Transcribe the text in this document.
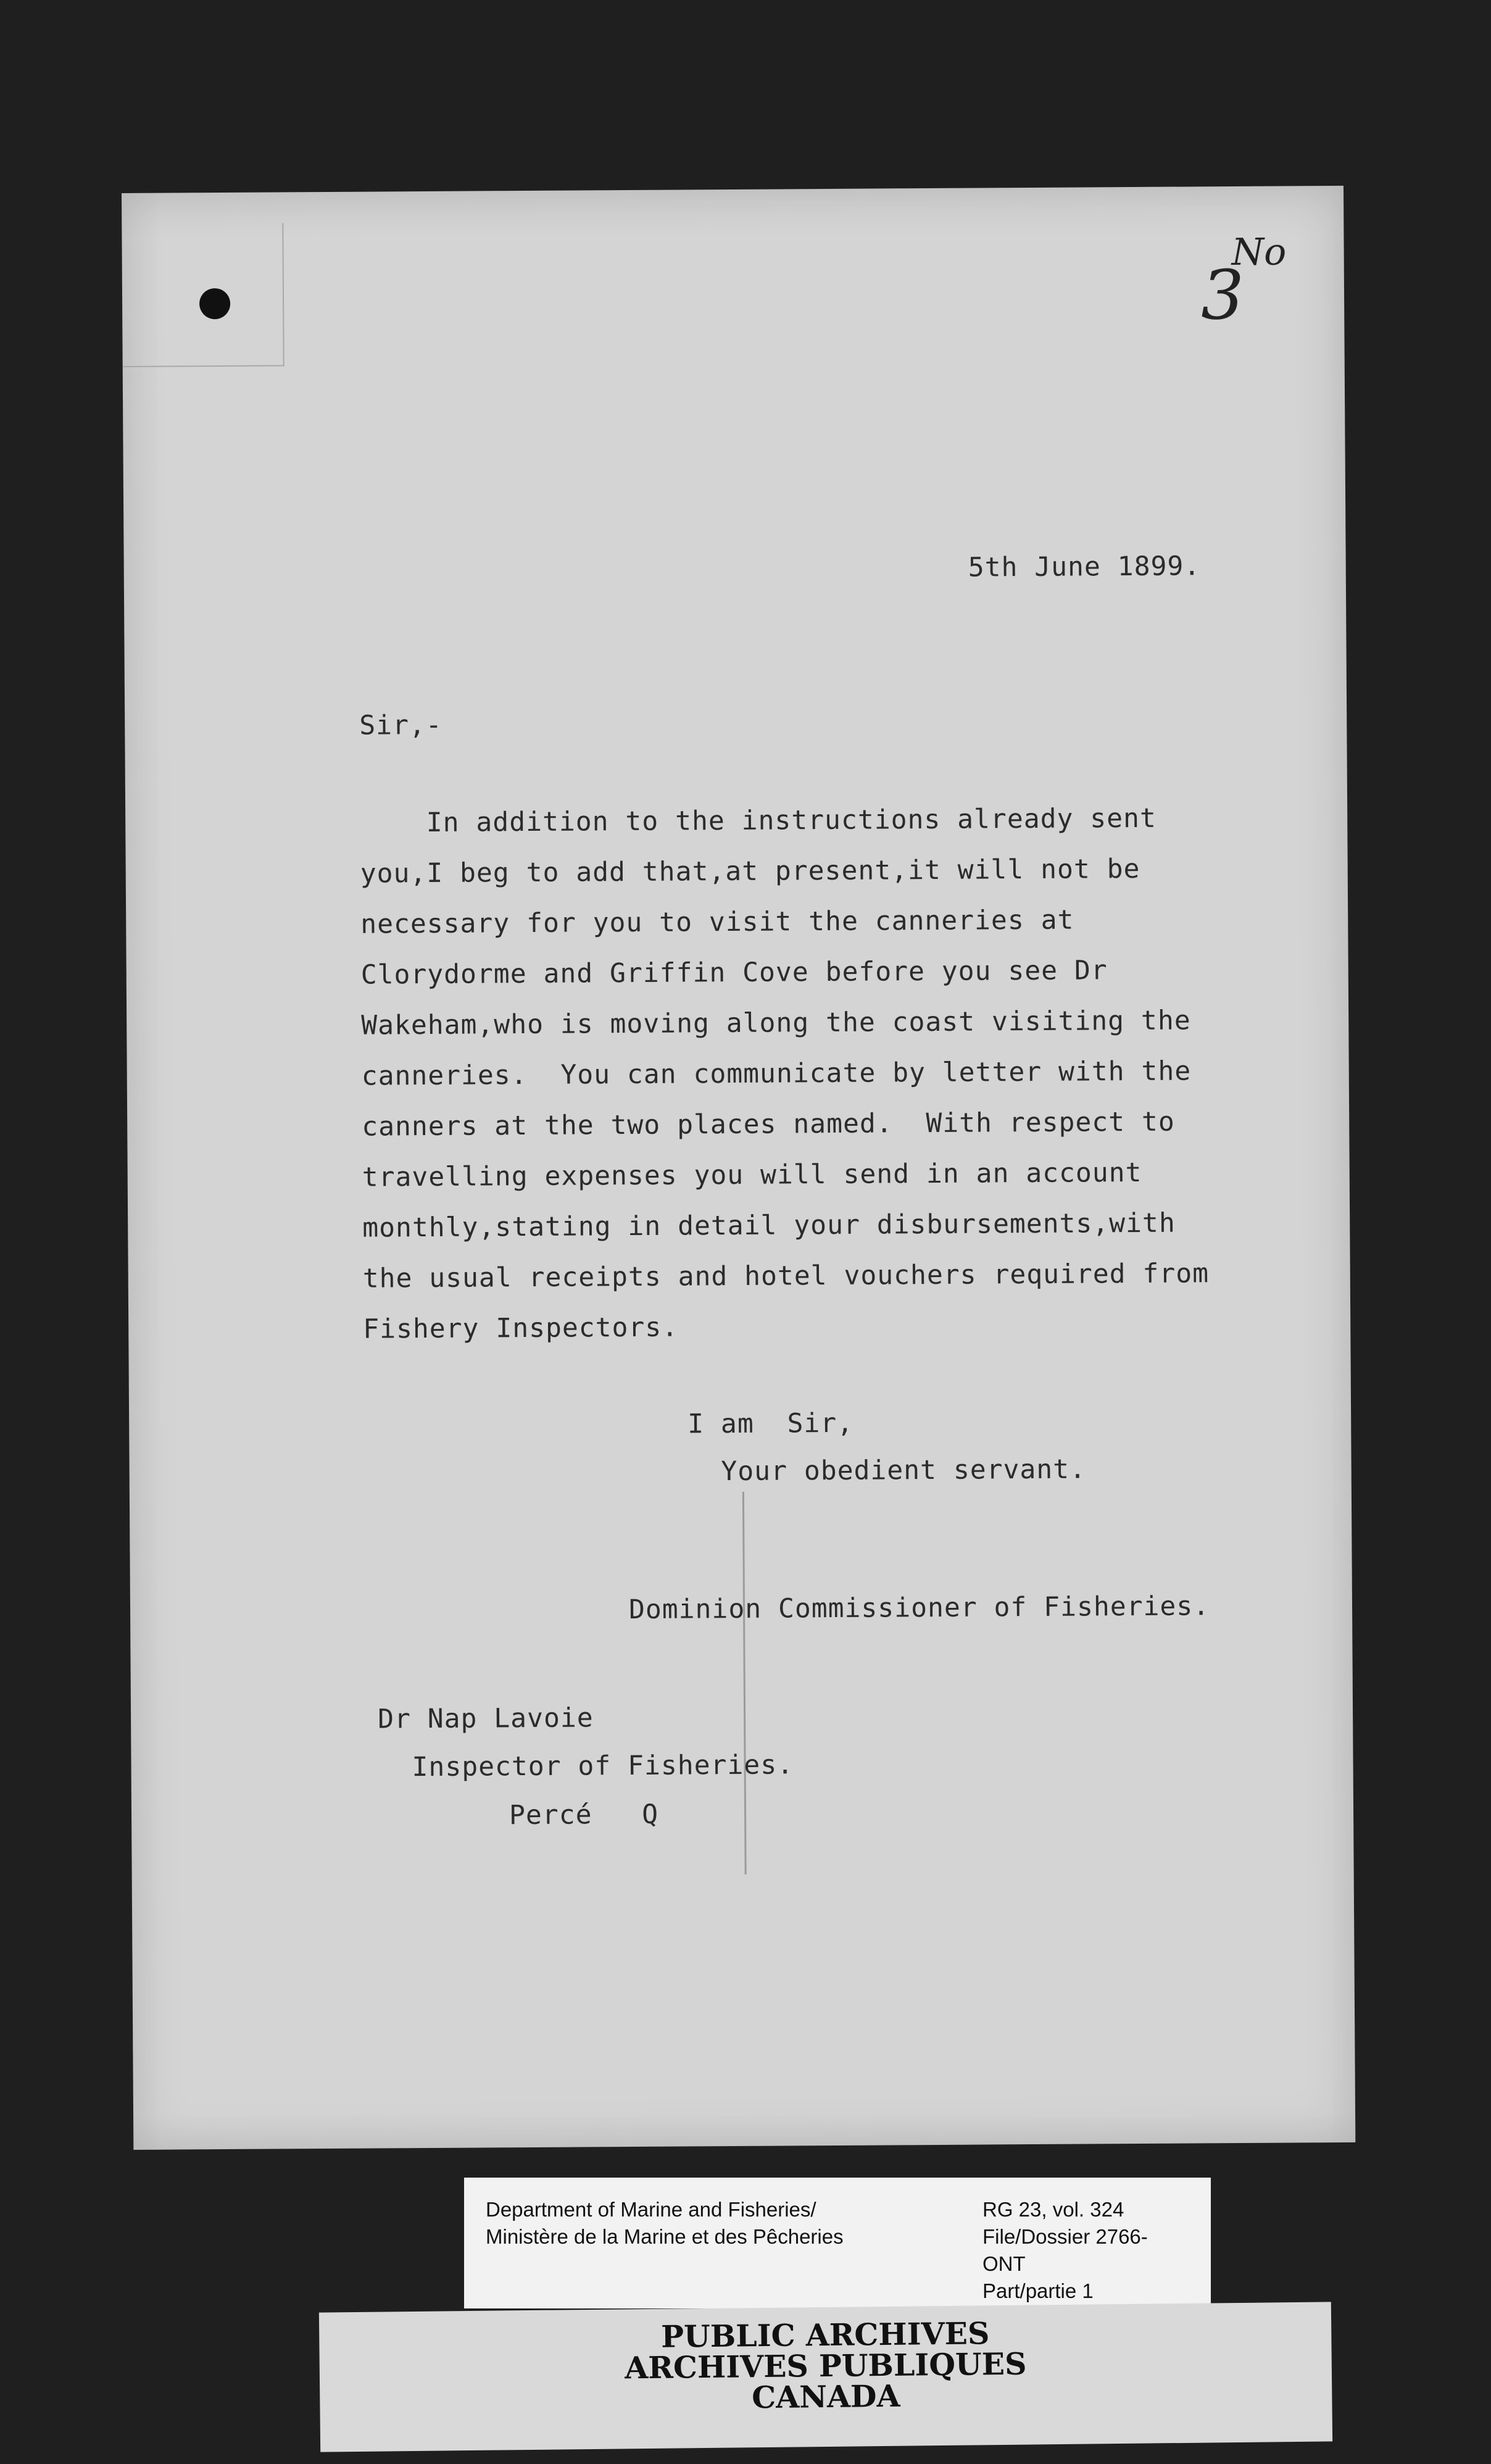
No
3
5th June 1899.
Sir,-
In addition to the instructions already sent
you,I beg to add that,at present,it will not be
necessary for you to visit the canneries at
Clorydorme and Griffin Cove before you see Dr
Wakeham,who is moving along the coast visiting the
canneries.  You can communicate by letter with the
canners at the two places named.  With respect to
travelling expenses you will send in an account
monthly,stating in detail your disbursements,with
the usual receipts and hotel vouchers required from
Fishery Inspectors.
I am  Sir,
Your obedient servant.
Dominion Commissioner of Fisheries.
Dr Nap Lavoie
Inspector of Fisheries.
Percé   Q
Department of Marine and Fisheries/
Ministère de la Marine et des Pêcheries
RG 23, vol. 324
File/Dossier 2766-
ONT
Part/partie 1
PUBLIC ARCHIVES
ARCHIVES PUBLIQUES
CANADA
